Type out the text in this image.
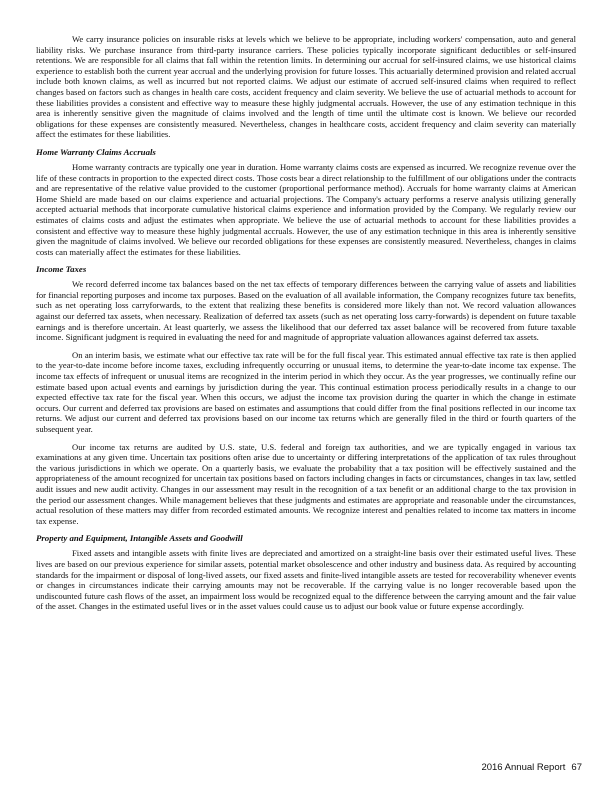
We carry insurance policies on insurable risks at levels which we believe to be appropriate, including workers' compensation, auto and general liability risks. We purchase insurance from third-party insurance carriers. These policies typically incorporate significant deductibles or self-insured retentions. We are responsible for all claims that fall within the retention limits. In determining our accrual for self-insured claims, we use historical claims experience to establish both the current year accrual and the underlying provision for future losses. This actuarially determined provision and related accrual include both known claims, as well as incurred but not reported claims. We adjust our estimate of accrued self-insured claims when required to reflect changes based on factors such as changes in health care costs, accident frequency and claim severity. We believe the use of actuarial methods to account for these liabilities provides a consistent and effective way to measure these highly judgmental accruals. However, the use of any estimation technique in this area is inherently sensitive given the magnitude of claims involved and the length of time until the ultimate cost is known. We believe our recorded obligations for these expenses are consistently measured. Nevertheless, changes in healthcare costs, accident frequency and claim severity can materially affect the estimates for these liabilities.

Home Warranty Claims Accruals

Home warranty contracts are typically one year in duration. Home warranty claims costs are expensed as incurred. We recognize revenue over the life of these contracts in proportion to the expected direct costs. Those costs bear a direct relationship to the fulfillment of our obligations under the contracts and are representative of the relative value provided to the customer (proportional performance method). Accruals for home warranty claims at American Home Shield are made based on our claims experience and actuarial projections. The Company's actuary performs a reserve analysis utilizing generally accepted actuarial methods that incorporate cumulative historical claims experience and information provided by the Company. We regularly review our estimates of claims costs and adjust the estimates when appropriate. We believe the use of actuarial methods to account for these liabilities provides a consistent and effective way to measure these highly judgmental accruals. However, the use of any estimation technique in this area is inherently sensitive given the magnitude of claims involved. We believe our recorded obligations for these expenses are consistently measured. Nevertheless, changes in claims costs can materially affect the estimates for these liabilities.

Income Taxes

We record deferred income tax balances based on the net tax effects of temporary differences between the carrying value of assets and liabilities for financial reporting purposes and income tax purposes. Based on the evaluation of all available information, the Company recognizes future tax benefits, such as net operating loss carryforwards, to the extent that realizing these benefits is considered more likely than not. We record valuation allowances against our deferred tax assets, when necessary. Realization of deferred tax assets (such as net operating loss carry-forwards) is dependent on future taxable earnings and is therefore uncertain. At least quarterly, we assess the likelihood that our deferred tax asset balance will be recovered from future taxable income. Significant judgment is required in evaluating the need for and magnitude of appropriate valuation allowances against deferred tax assets.

On an interim basis, we estimate what our effective tax rate will be for the full fiscal year. This estimated annual effective tax rate is then applied to the year-to-date income before income taxes, excluding infrequently occurring or unusual items, to determine the year-to-date income tax expense. The income tax effects of infrequent or unusual items are recognized in the interim period in which they occur. As the year progresses, we continually refine our estimate based upon actual events and earnings by jurisdiction during the year. This continual estimation process periodically results in a change to our expected effective tax rate for the fiscal year. When this occurs, we adjust the income tax provision during the quarter in which the change in estimate occurs. Our current and deferred tax provisions are based on estimates and assumptions that could differ from the final positions reflected in our income tax returns. We adjust our current and deferred tax provisions based on our income tax returns which are generally filed in the third or fourth quarters of the subsequent year.

Our income tax returns are audited by U.S. state, U.S. federal and foreign tax authorities, and we are typically engaged in various tax examinations at any given time. Uncertain tax positions often arise due to uncertainty or differing interpretations of the application of tax rules throughout the various jurisdictions in which we operate. On a quarterly basis, we evaluate the probability that a tax position will be effectively sustained and the appropriateness of the amount recognized for uncertain tax positions based on factors including changes in facts or circumstances, changes in tax law, settled audit issues and new audit activity. Changes in our assessment may result in the recognition of a tax benefit or an additional charge to the tax provision in the period our assessment changes. While management believes that these judgments and estimates are appropriate and reasonable under the circumstances, actual resolution of these matters may differ from recorded estimated amounts. We recognize interest and penalties related to income tax matters in income tax expense.

Property and Equipment, Intangible Assets and Goodwill

Fixed assets and intangible assets with finite lives are depreciated and amortized on a straight-line basis over their estimated useful lives. These lives are based on our previous experience for similar assets, potential market obsolescence and other industry and business data. As required by accounting standards for the impairment or disposal of long-lived assets, our fixed assets and finite-lived intangible assets are tested for recoverability whenever events or changes in circumstances indicate their carrying amounts may not be recoverable. If the carrying value is no longer recoverable based upon the undiscounted future cash flows of the asset, an impairment loss would be recognized equal to the difference between the carrying amount and the fair value of the asset. Changes in the estimated useful lives or in the asset values could cause us to adjust our book value or future expense accordingly.

2016 Annual Report 67
